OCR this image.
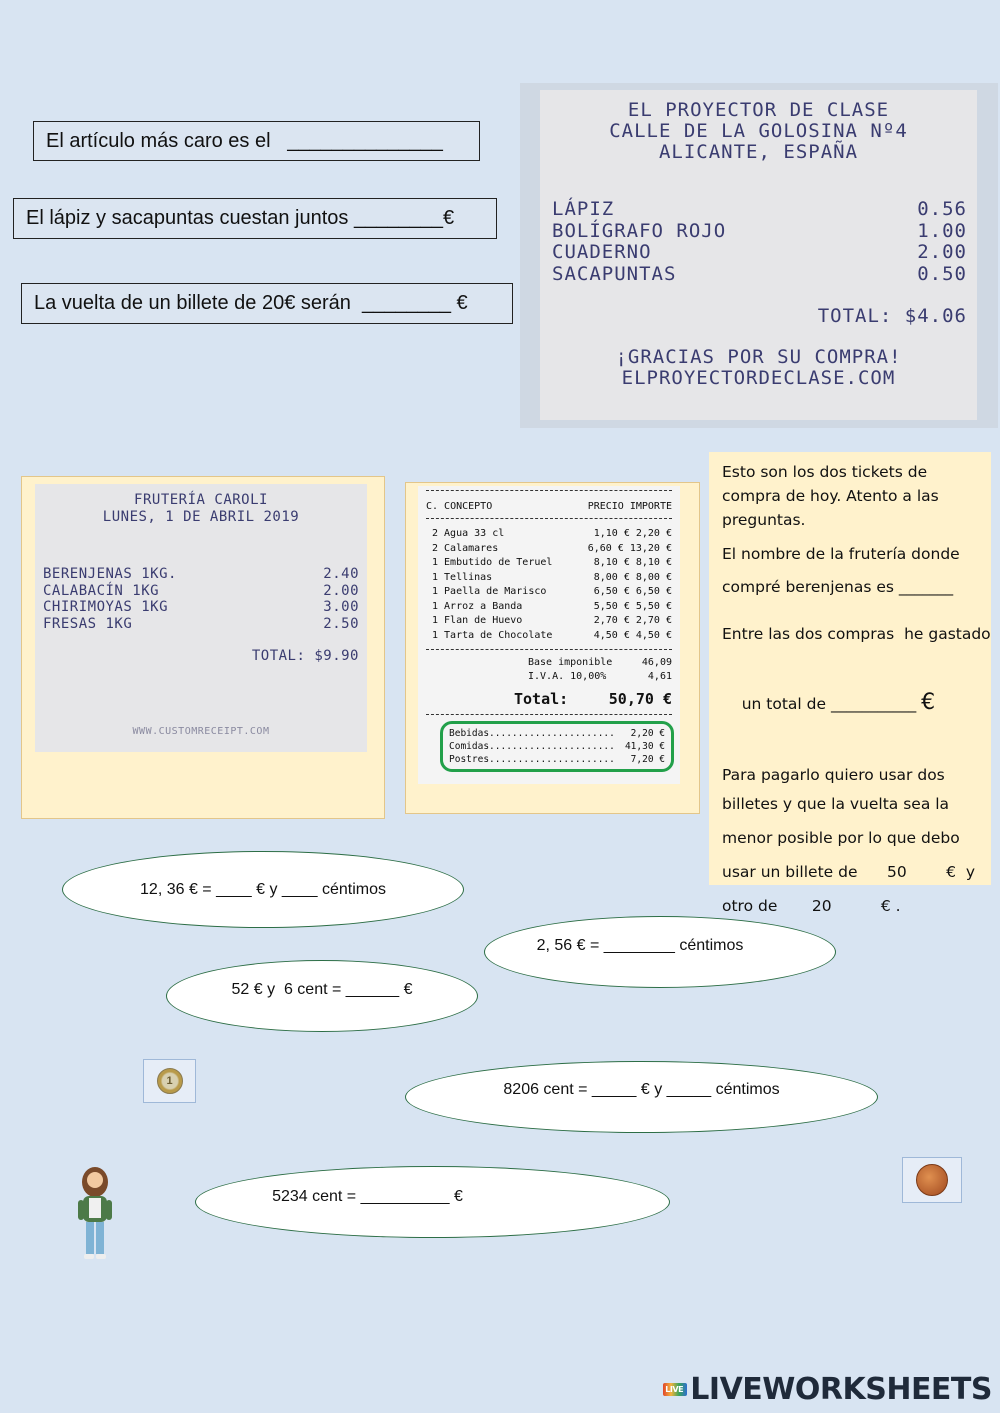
El artículo más caro es el   ______________
El lápiz y sacapuntas cuestan juntos ________€
La vuelta de un billete de 20€ serán  ________ €
EL PROYECTOR DE CLASE
CALLE DE LA GOLOSINA Nº4
ALICANTE, ESPAÑA
LÁPIZ	0.56
BOLÍGRAFO ROJO	1.00
CUADERNO	2.00
SACAPUNTAS	0.50
TOTAL: $4.06
¡GRACIAS POR SU COMPRA!
ELPROYECTORDECLASE.COM
FRUTERÍA CAROLI
LUNES, 1 DE ABRIL 2019
BERENJENAS 1KG.	2.40
CALABACÍN 1KG	2.00
CHIRIMOYAS 1KG	3.00
FRESAS 1KG	2.50
TOTAL: $9.90
WWW.CUSTOMRECEIPT.COM
C. CONCEPTO	PRECIO IMPORTE
2 Agua 33 cl	1,10 € 2,20 €
2 Calamares	6,60 € 13,20 €
1 Embutido de Teruel	8,10 € 8,10 €
1 Tellinas	8,00 € 8,00 €
1 Paella de Marisco	6,50 € 6,50 €
1 Arroz a Banda	5,50 € 5,50 €
1 Flan de Huevo	2,70 € 2,70 €
1 Tarta de Chocolate	4,50 € 4,50 €
Base imponible	46,09
I.V.A. 10,00%	4,61
Total:	50,70 €
Bebidas...................... 2,20 €
Comidas...................... 41,30 €
Postres...................... 7,20 €

Esto son los dos tickets de

compra de hoy. Atento a las

preguntas.

El nombre de la frutería donde

compré berenjenas es _______

Entre las dos compras  he gastado

un total de ___________ €

Para pagarlo quiero usar dos

billetes y que la vuelta sea la

menor posible por lo que debo

usar un billete de      50        €  y

otro de       20          € .

12, 36 € = ____ € y ____ céntimos
2, 56 € = ________ céntimos
52 € y  6 cent = ______ €
8206 cent = _____ € y _____ céntimos
5234 cent = __________ €
1
LIVE LIVEWORKSHEETS
